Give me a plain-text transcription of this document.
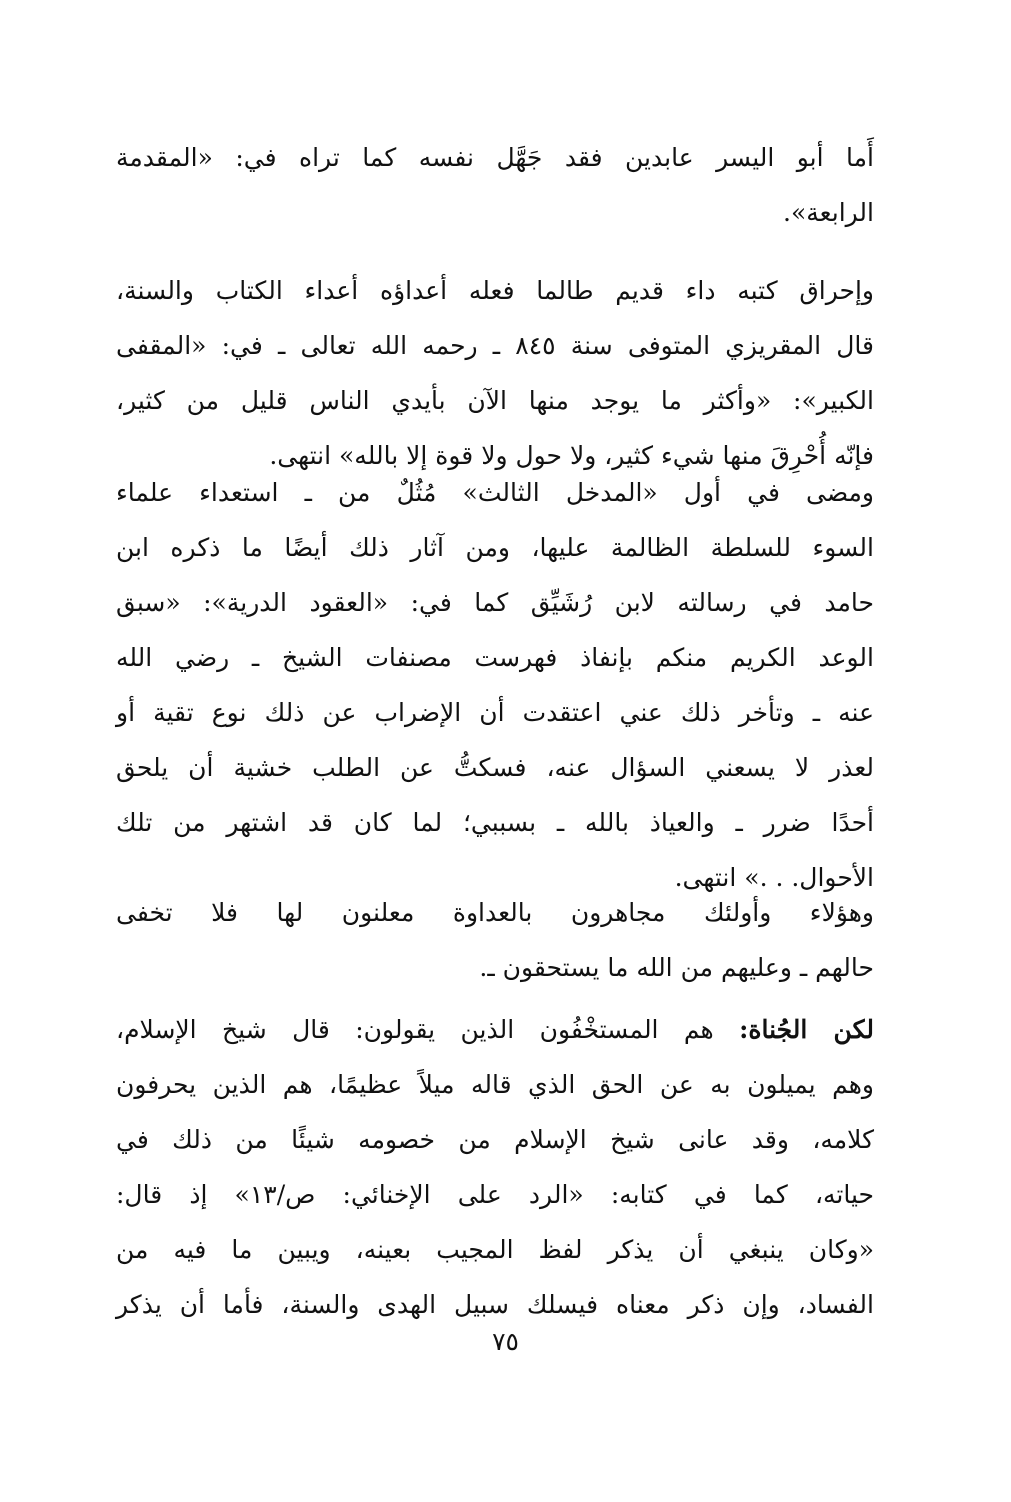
أَما أبو اليسر عابدين فقد جَهَّل نفسه كما تراه في: «المقدمة
الرابعة».
وإحراق كتبه داء قديم طالما فعله أعداؤه أعداء الكتاب والسنة،
قال المقريزي المتوفى سنة ٨٤٥ ـ رحمه الله تعالى ـ في: «المقفى
الكبير»: «وأكثر ما يوجد منها الآن بأيدي الناس قليل من كثير،
فإنّه أُحْرِقَ منها شيء كثير، ولا حول ولا قوة إلا بالله» انتهى.
ومضى في أول «المدخل الثالث» مُثُلٌ من ـ استعداء علماء
السوء للسلطة الظالمة عليها، ومن آثار ذلك أيضًا ما ذكره ابن
حامد في رسالته لابن رُشَيِّق كما في: «العقود الدرية»: «سبق
الوعد الكريم منكم بإنفاذ فهرست مصنفات الشيخ ـ رضي الله
عنه ـ وتأخر ذلك عني اعتقدت أن الإضراب عن ذلك نوع تقية أو
لعذر لا يسعني السؤال عنه، فسكتُّ عن الطلب خشية أن يلحق
أحدًا ضرر ـ والعياذ بالله ـ بسببي؛ لما كان قد اشتهر من تلك
الأحوال. . .» انتهى.
وهؤلاء وأولئك مجاهرون بالعداوة معلنون لها فلا تخفى
حالهم ـ وعليهم من الله ما يستحقون ـ.
لكن الجُناة: هم المستخْفُون الذين يقولون: قال شيخ الإسلام،
وهم يميلون به عن الحق الذي قاله ميلاً عظيمًا، هم الذين يحرفون
كلامه، وقد عانى شيخ الإسلام من خصومه شيئًا من ذلك في
حياته، كما في كتابه: «الرد على الإخنائي: ص/١٣» إذ قال:
«وكان ينبغي أن يذكر لفظ المجيب بعينه، ويبين ما فيه من
الفساد، وإن ذكر معناه فيسلك سبيل الهدى والسنة، فأما أن يذكر
٧٥
